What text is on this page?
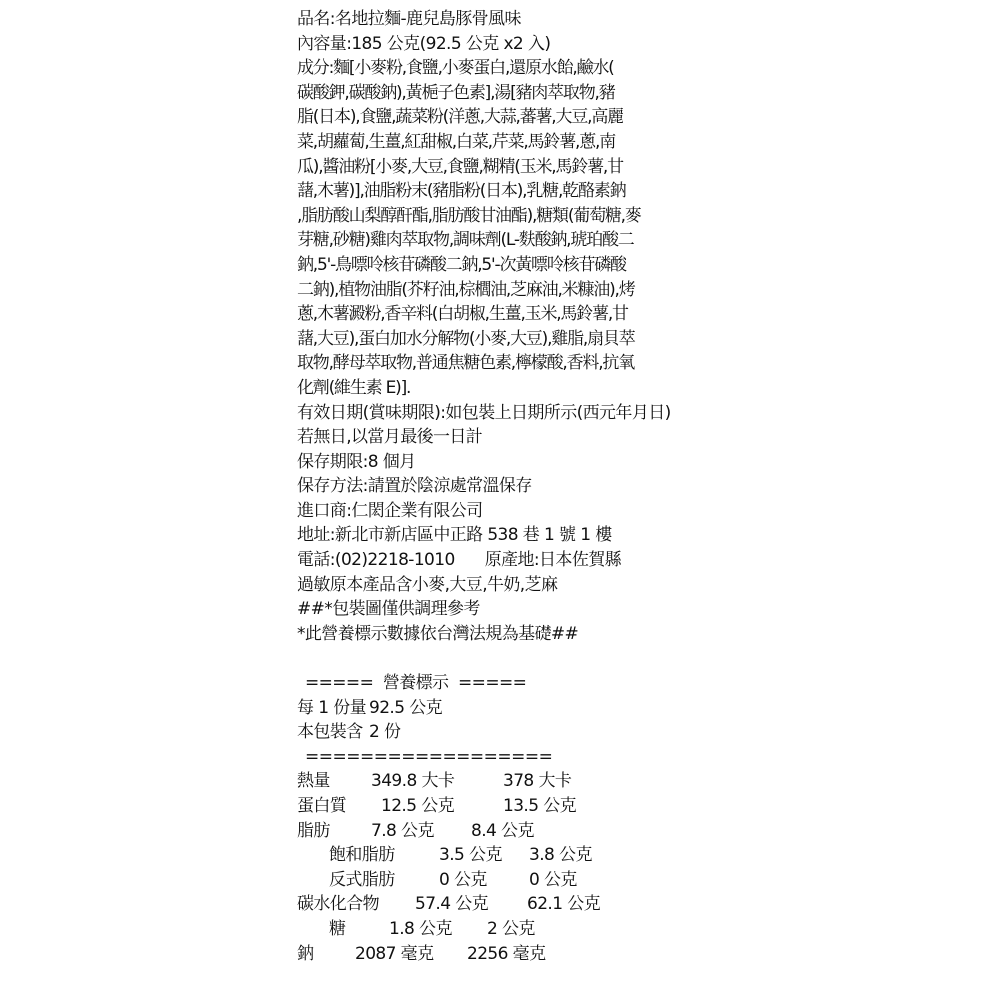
品名:名地拉麵-鹿兒島豚骨風味
內容量:185 公克(92.5 公克 x2 入)
成分:麵[小麥粉,食鹽,小麥蛋白,還原水飴,鹼水(
碳酸鉀,碳酸鈉),黃梔子色素],湯[豬肉萃取物,豬
脂(日本),食鹽,蔬菜粉(洋蔥,大蒜,蕃薯,大豆,高麗
菜,胡蘿蔔,生薑,紅甜椒,白菜,芹菜,馬鈴薯,蔥,南
瓜),醬油粉[小麥,大豆,食鹽,糊精(玉米,馬鈴薯,甘
藷,木薯)],油脂粉末(豬脂粉(日本),乳糖,乾酪素鈉
,脂肪酸山梨醇酐酯,脂肪酸甘油酯),糖類(葡萄糖,麥
芽糖,砂糖)雞肉萃取物,調味劑(L-麩酸鈉,琥珀酸二
鈉,5'-鳥嘌呤核苷磷酸二鈉,5'-次黃嘌呤核苷磷酸
二鈉),植物油脂(芥籽油,棕櫚油,芝麻油,米糠油),烤
蔥,木薯澱粉,香辛料(白胡椒,生薑,玉米,馬鈴薯,甘
藷,大豆),蛋白加水分解物(小麥,大豆),雞脂,扇貝萃
取物,酵母萃取物,普通焦糖色素,檸檬酸,香料,抗氧
化劑(維生素 E)].
有效日期(賞味期限):如包裝上日期所示(西元年月日)
若無日,以當月最後一日計
保存期限:8 個月
保存方法:請置於陰涼處常溫保存
進口商:仁閎企業有限公司
地址:新北市新店區中正路 538 巷 1 號 1 樓
電話:(02)2218-1010 原產地:日本佐賀縣
過敏原本產品含小麥,大豆,牛奶,芝麻
##*包裝圖僅供調理參考
*此營養標示數據依台灣法規為基礎##
=====  營養標示  =====
每 1 份量 92.5 公克
本包裝含 2 份
==================
熱量	349.8 大卡	378 大卡
蛋白質	12.5 公克	13.5 公克
脂肪	7.8 公克	8.4 公克
飽和脂肪	3.5 公克	3.8 公克
反式脂肪	0 公克	0 公克
碳水化合物	57.4 公克	62.1 公克
糖	1.8 公克	2 公克
鈉	2087 毫克	2256 毫克
